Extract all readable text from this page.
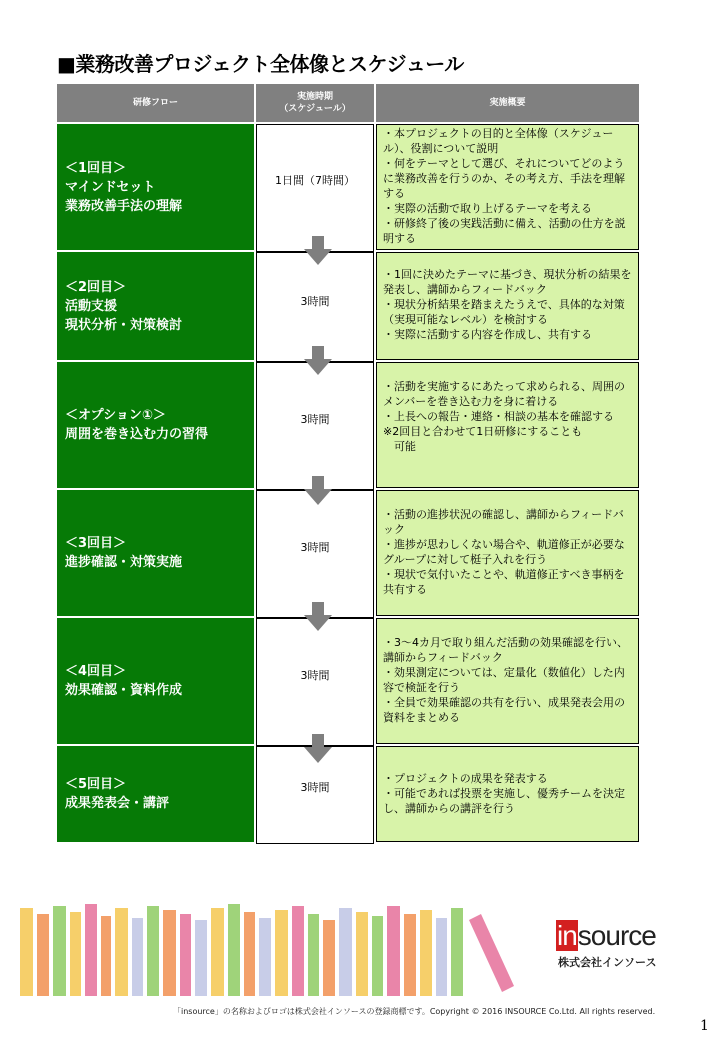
■業務改善プロジェクト全体像とスケジュール
研修フロー
実施時期
（スケジュール）
実施概要
＜1回目＞
マインドセット
業務改善手法の理解
1日間（7時間）

・本プロジェクトの目的と全体像（スケジュール）、役割について説明

・何をテーマとして選び、それについてどのように業務改善を行うのか、その考え方、手法を理解する

・実際の活動で取り上げるテーマを考える

・研修終了後の実践活動に備え、活動の仕方を説明する

＜2回目＞
活動支援
現状分析・対策検討
3時間

・1回に決めたテーマに基づき、現状分析の結果を発表し、講師からフィードバック

・現状分析結果を踏まえたうえで、具体的な対策（実現可能なレベル）を検討する

・実際に活動する内容を作成し、共有する

＜オプション①＞
周囲を巻き込む力の習得
3時間

・活動を実施するにあたって求められる、周囲のメンバーを巻き込む力を身に着ける

・上長への報告・連絡・相談の基本を確認する

※2回目と合わせて1日研修にすることも

　可能

＜3回目＞
進捗確認・対策実施
3時間

・活動の進捗状況の確認し、講師からフィードバック

・進捗が思わしくない場合や、軌道修正が必要なグループに対して梃子入れを行う

・現状で気付いたことや、軌道修正すべき事柄を共有する

＜4回目＞
効果確認・資料作成
3時間

・3～4カ月で取り組んだ活動の効果確認を行い、講師からフィードバック

・効果測定については、定量化（数値化）した内容で検証を行う

・全員で効果確認の共有を行い、成果発表会用の資料をまとめる

＜5回目＞
成果発表会・講評
3時間

・プロジェクトの成果を発表する

・可能であれば投票を実施し、優秀チームを決定し、講師からの講評を行う

insource
株式会社インソース
「insource」の名称およびロゴは株式会社インソースの登録商標です。Copyright © 2016 INSOURCE Co.Ltd. All rights reserved.
1
